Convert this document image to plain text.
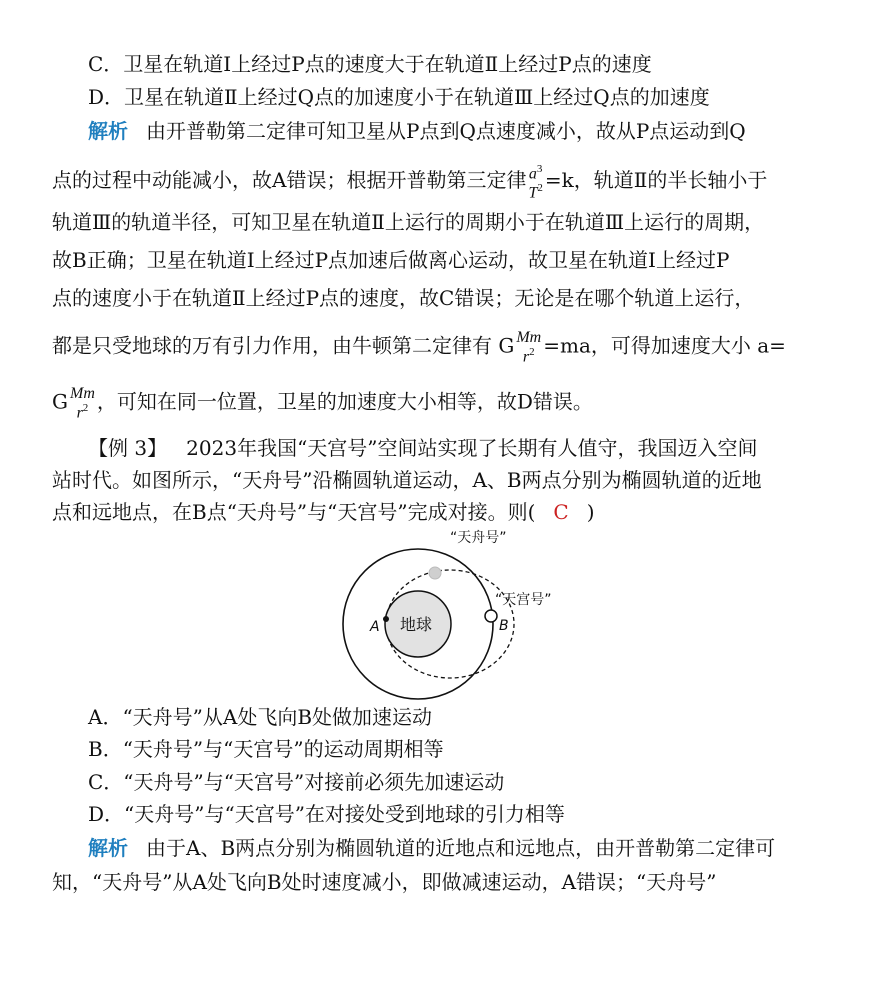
C．卫星在轨道Ⅰ上经过P点的速度大于在轨道Ⅱ上经过P点的速度
D．卫星在轨道Ⅱ上经过Q点的加速度小于在轨道Ⅲ上经过Q点的加速度
解析 由开普勒第二定律可知卫星从P点到Q点速度减小，故从P点运动到Q
点的过程中动能减小，故A错误；根据开普勒第三定律 $a^3$
$T^2 =k$，轨道Ⅱ的半长轴小于
轨道Ⅲ的轨道半径，可知卫星在轨道Ⅱ上运行的周期小于在轨道Ⅲ上运行的周期，
故B正确；卫星在轨道Ⅰ上经过P点加速后做离心运动，故卫星在轨道Ⅰ上经过P
点的速度小于在轨道Ⅱ上经过P点的速度，故C错误；无论是在哪个轨道上运行，
都是只受地球的万有引力作用，由牛顿第二定律有 G Mm
$r^2 =ma$，可得加速度大小 a=
G Mm
$r^2$ ，可知在同一位置，卫星的加速度大小相等，故D错误。
【例 3】 2023年我国“天宫号”空间站实现了长期有人值守，我国迈入空间
站时代。如图所示，“天舟号”沿椭圆轨道运动，A、B两点分别为椭圆轨道的近地
点和远地点，在B点“天舟号”与“天宫号”完成对接。则( C )
地球
A	B
“天宫号”
“天舟号”
A．“天舟号”从A处飞向B处做加速运动
B．“天舟号”与“天宫号”的运动周期相等
C．“天舟号”与“天宫号”对接前必须先加速运动
D．“天舟号”与“天宫号”在对接处受到地球的引力相等
解析 由于A、B两点分别为椭圆轨道的近地点和远地点，由开普勒第二定律可
知，“天舟号”从A处飞向B处时速度减小，即做减速运动，A错误；“天舟号”
